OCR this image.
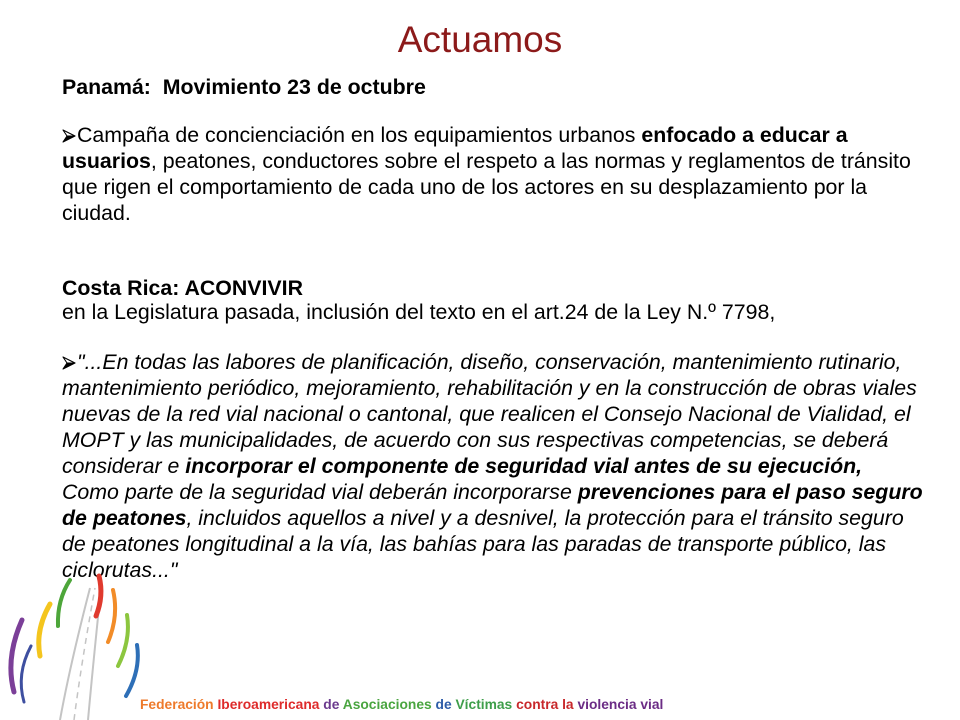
Actuamos
Panamá:  Movimiento 23 de octubre
Campaña de concienciación en los equipamientos urbanos enfocado a educar a
usuarios, peatones, conductores sobre el respeto a las normas y reglamentos de tránsito
que rigen el comportamiento de cada uno de los actores en su desplazamiento por la
ciudad.
Costa Rica: ACONVIVIR
en la Legislatura pasada, inclusión del texto en el art.24 de la Ley N.º 7798,
"...En todas las labores de planificación, diseño, conservación, mantenimiento rutinario,
mantenimiento periódico, mejoramiento, rehabilitación y en la construcción de obras viales
nuevas de la red vial nacional o cantonal, que realicen el Consejo Nacional de Vialidad, el
MOPT y las municipalidades, de acuerdo con sus respectivas competencias, se deberá
considerar e incorporar el componente de seguridad vial antes de su ejecución,
Como parte de la seguridad vial deberán incorporarse prevenciones para el paso seguro
de peatones, incluidos aquellos a nivel y a desnivel, la protección para el tránsito seguro
de peatones longitudinal a la vía, las bahías para las paradas de transporte público, las
ciclorutas..."
Federación Iberoamericana de Asociaciones de Víctimas contra la violencia vial
